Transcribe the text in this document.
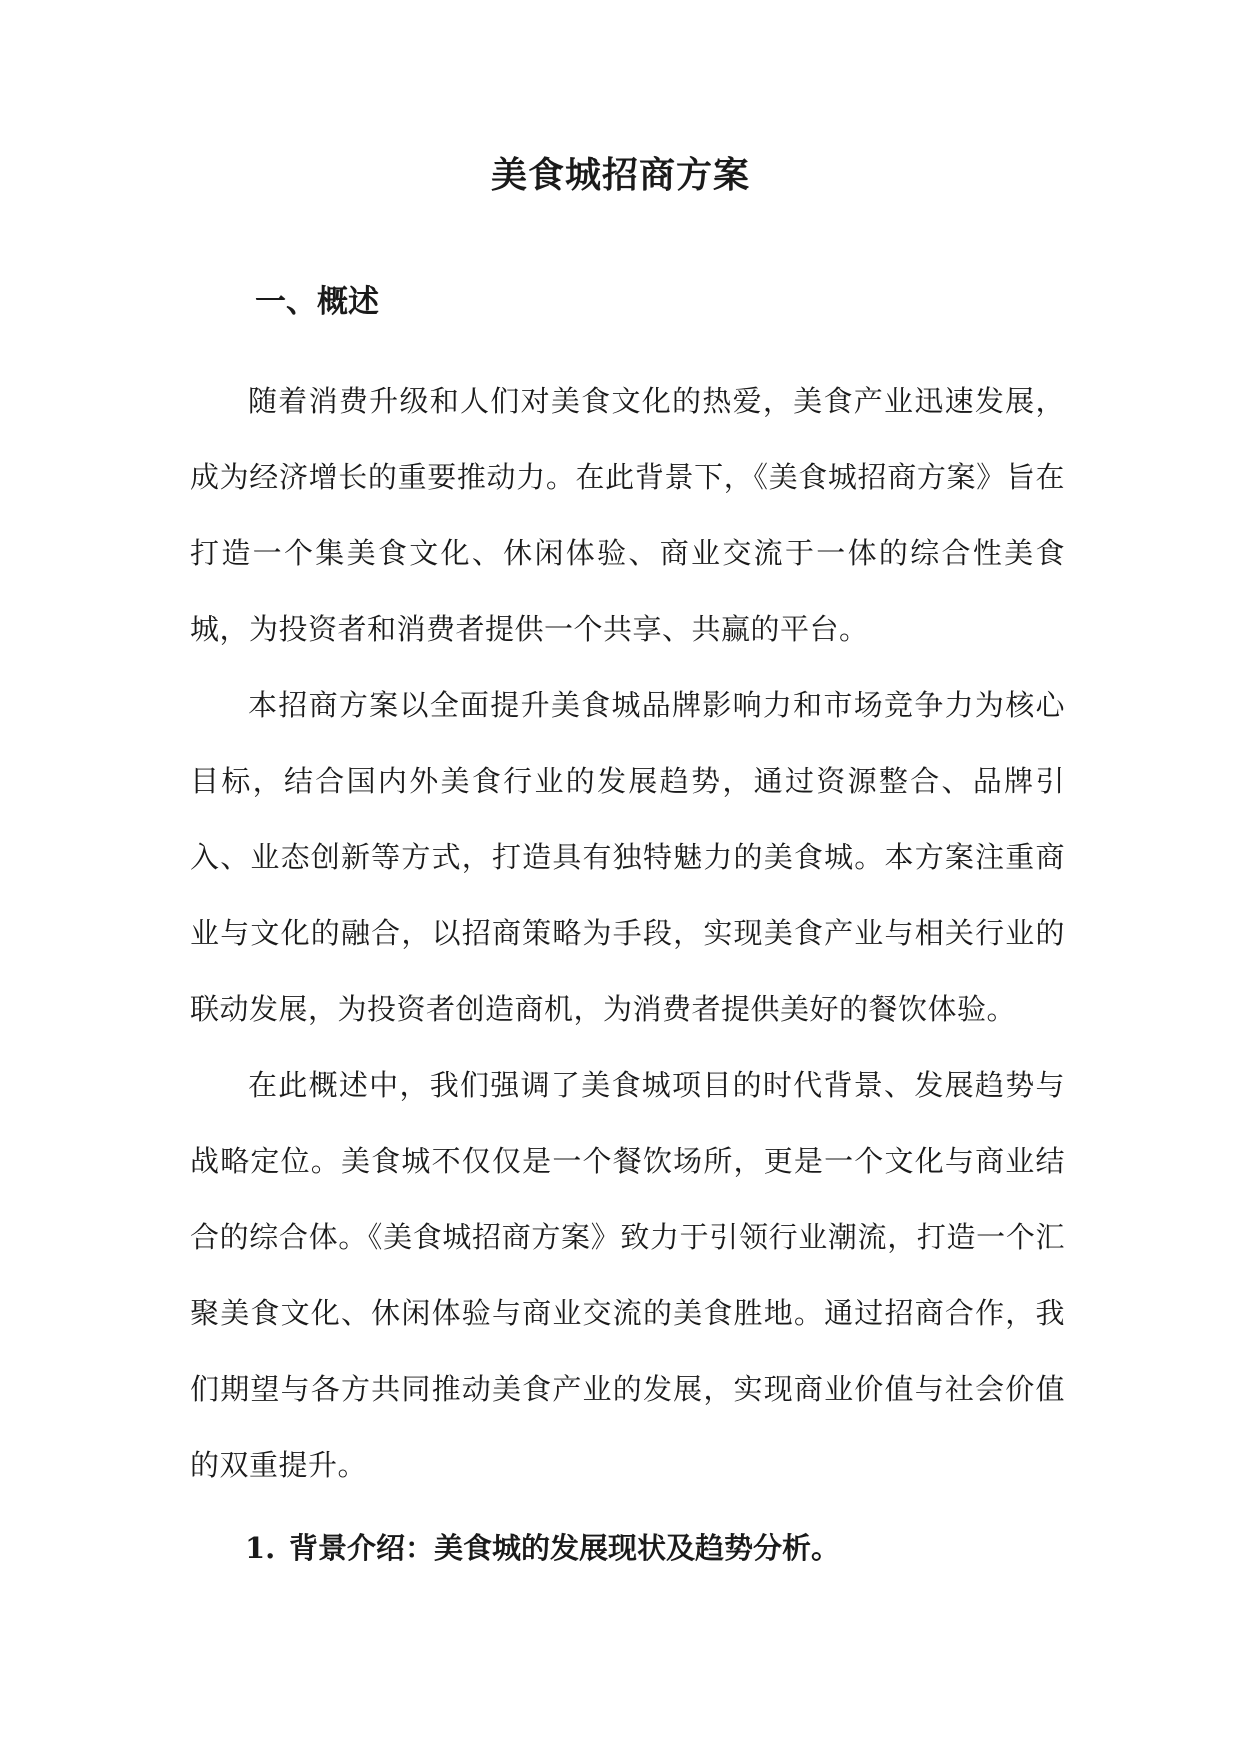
美食城招商方案
一、概述

随着消费升级和人们对美食文化的热爱，美食产业迅速发展，成为经济增长的重要推动力。在此背景下，《美食城招商方案》旨在打造一个集美食文化、休闲体验、商业交流于一体的综合性美食城，为投资者和消费者提供一个共享、共赢的平台。

本招商方案以全面提升美食城品牌影响力和市场竞争力为核心目标，结合国内外美食行业的发展趋势，通过资源整合、品牌引入、业态创新等方式，打造具有独特魅力的美食城。本方案注重商业与文化的融合，以招商策略为手段，实现美食产业与相关行业的联动发展，为投资者创造商机，为消费者提供美好的餐饮体验。

在此概述中，我们强调了美食城项目的时代背景、发展趋势与战略定位。美食城不仅仅是一个餐饮场所，更是一个文化与商业结合的综合体。《美食城招商方案》致力于引领行业潮流，打造一个汇聚美食文化、休闲体验与商业交流的美食胜地。通过招商合作，我们期望与各方共同推动美食产业的发展，实现商业价值与社会价值的双重提升。

1. 背景介绍：美食城的发展现状及趋势分析。
